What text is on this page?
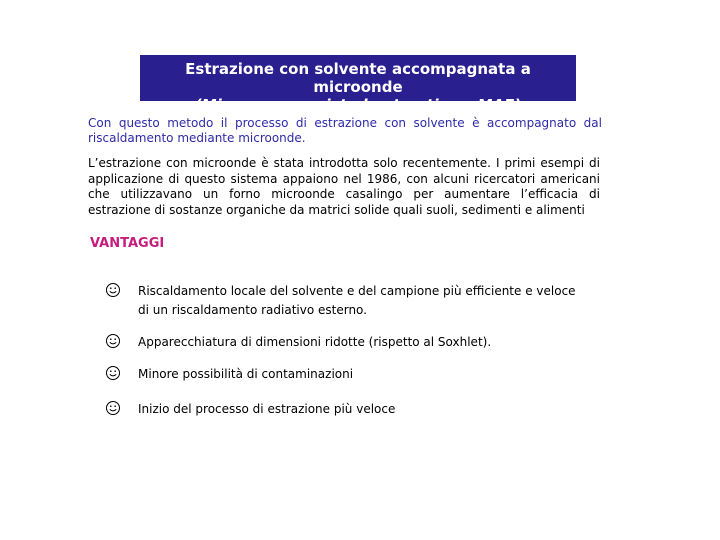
Estrazione con solvente accompagnata a microonde
(Microwave assisted extraction – MAE)
Con questo metodo il processo di estrazione con solvente è accompagnato dal riscaldamento mediante microonde.
L’estrazione con microonde è stata introdotta solo recentemente. I primi esempi di applicazione di questo sistema appaiono nel 1986, con alcuni ricercatori americani che utilizzavano un forno microonde casalingo per aumentare l’efficacia di estrazione di sostanze organiche da matrici solide quali suoli, sedimenti e alimenti
VANTAGGI
Riscaldamento locale del solvente e del campione più efficiente e veloce di un riscaldamento radiativo esterno.
Apparecchiatura di dimensioni ridotte (rispetto al Soxhlet).
Minore possibilità di contaminazioni
Inizio del processo di estrazione più veloce
